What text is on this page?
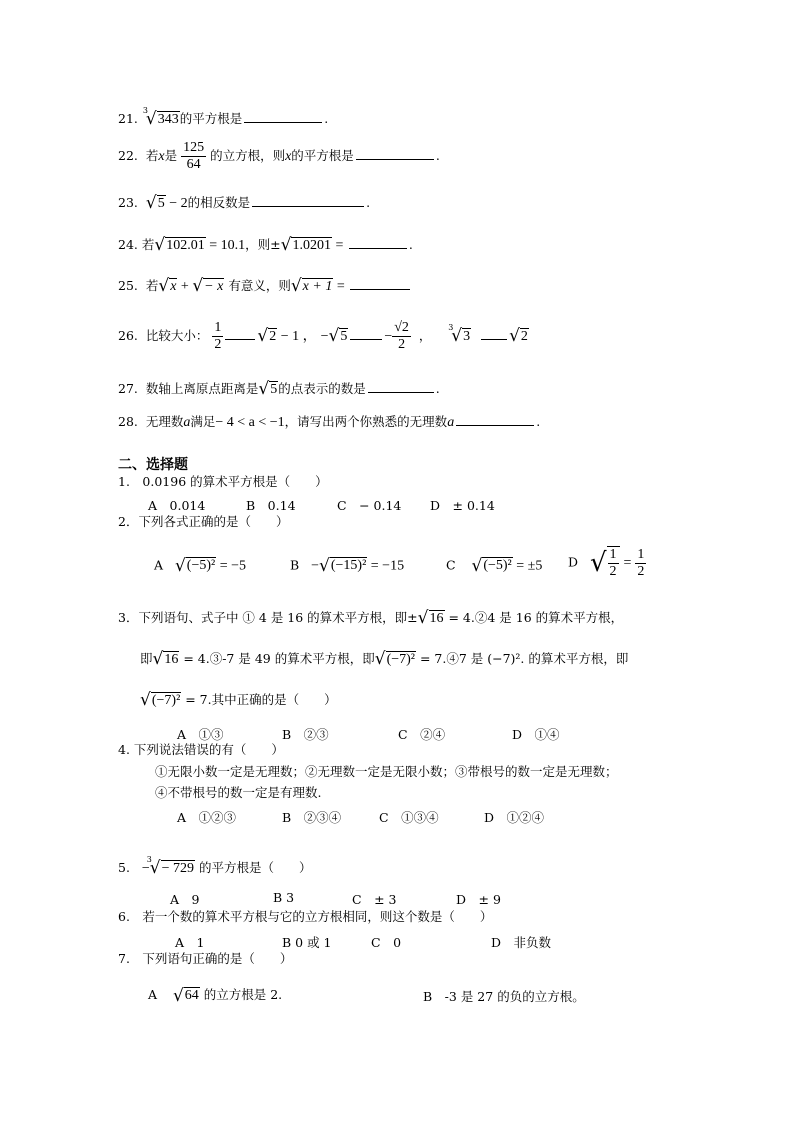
21.
3
√343的平方根是	.
22. 若x是 $\frac{125}{64}$ 的立方根，则x的平方根是	.
23. √5 − 2的相反数是	.
24. 若√102.01 = 10.1，则±√1.0201 =	.
25. 若√x + √− x 有意义，则√x + 1 =
26. 比较大小： $\frac{1}{2} √2 - 1$ ， −√5	− $\frac{√2}{2}$ ，
3
√3 √2
27. 数轴上离原点距离是√5的点表示的数是	.
28. 无理数a满足− 4 < a < −1，请写出两个你熟悉的无理数a	.
二、选择题
1.　0.0196 的算术平方根是（　　）
A　0.014	B　0.14	C　− 0.14 D　± 0.14
2．下列各式正确的是（　　）
A √(−5)² = −5	B −√(−15)² = −15	C √(−5)² = ±5 D √ $\frac{1}{2} = \frac{1}{2}$
3．下列语句、式子中 ① 4 是 16 的算术平方根，即±√16 = 4.②4 是 16 的算术平方根，
即√16 = 4.③-7 是 49 的算术平方根，即√(−7)² = 7.④7 是 (−7)². 的算术平方根，即
√(−7)² = 7.其中正确的是（　　）
A　①③	B　②③	C　②④	D　①④
4. 下列说法错误的有（　　）
①无限小数一定是无理数；②无理数一定是无限小数；③带根号的数一定是无理数；
④不带根号的数一定是有理数.
A　①②③	B　②③④	C　①③④	D　①②④
5. −
3
√− 729 的平方根是（　　）
A　9	B 3	C　± 3	D　± 9
6.　若一个数的算术平方根与它的立方根相同，则这个数是（　　）
A　1	B 0 或 1	C　0	D　非负数
7.　下列语句正确的是（　　）
A √64 的立方根是 2.	B　-3 是 27 的负的立方根。
